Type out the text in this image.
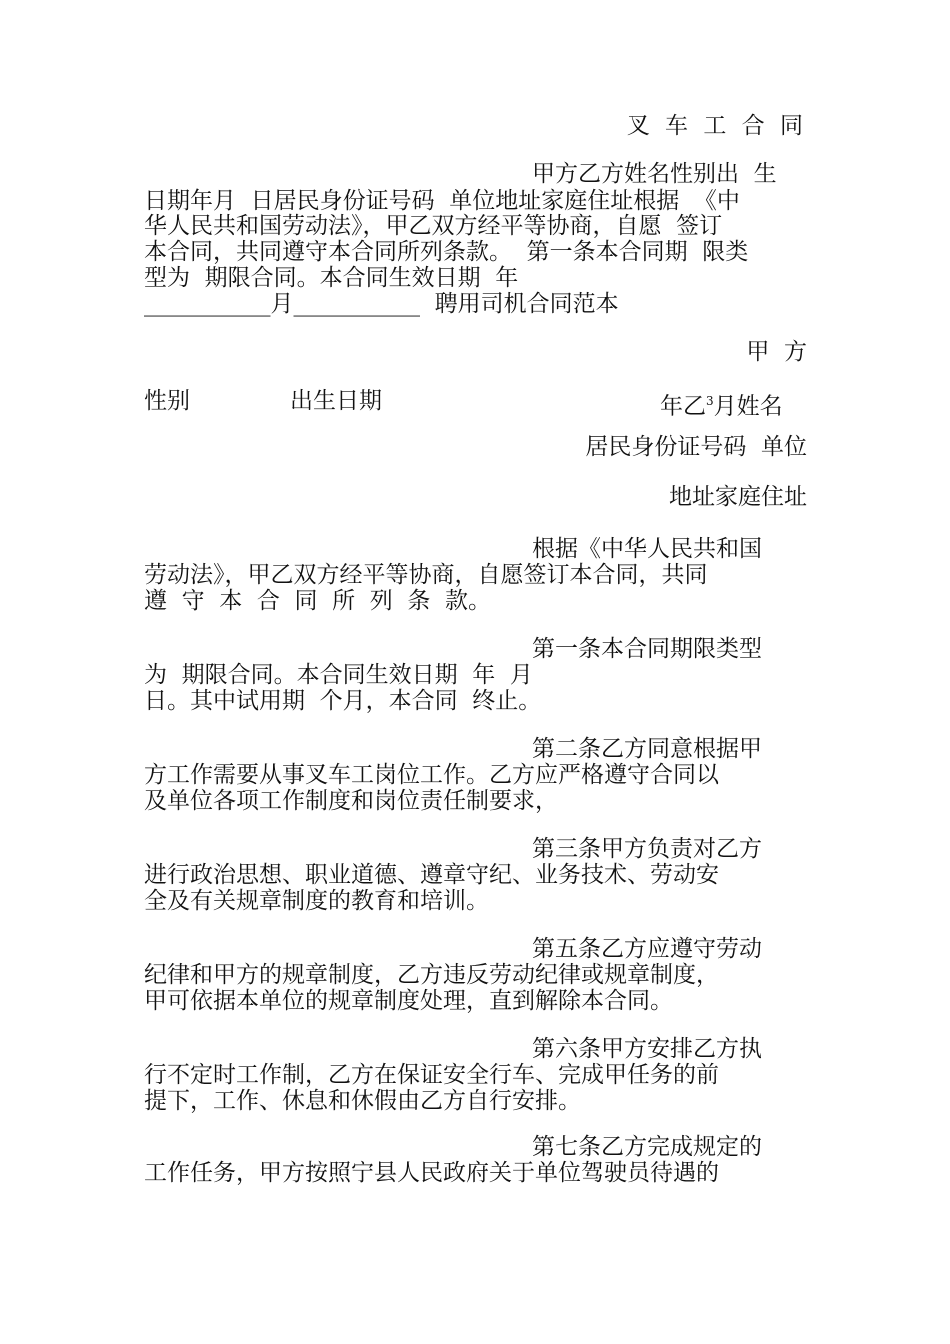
叉 车 工 合 同

甲方乙方姓名性别出  生

日期年月  日居民身份证号码  单位地址家庭住址根据  《中

华人民共和国劳动法》，甲乙双方经平等协商，自愿  签订

本合同，共同遵守本合同所列条款。  第一条本合同期  限类

型为  期限合同。本合同生效日期  年

___________月___________  聘用司机合同范本

甲  方

性别	出生日期	年乙$^3$月姓名

居民身份证号码  单位

地址家庭住址

根据《中华人民共和国

劳动法》，甲乙双方经平等协商，自愿签订本合同，共同

遵  守  本  合  同  所  列  条  款。

第一条本合同期限类型

为  期限合同。本合同生效日期  年  月

日。其中试用期  个月，本合同  终止。

第二条乙方同意根据甲

方工作需要从事叉车工岗位工作。乙方应严格遵守合同以

及单位各项工作制度和岗位责任制要求，

第三条甲方负责对乙方

进行政治思想、职业道德、遵章守纪、业务技术、劳动安

全及有关规章制度的教育和培训。

第五条乙方应遵守劳动

纪律和甲方的规章制度，乙方违反劳动纪律或规章制度，

甲可依据本单位的规章制度处理，直到解除本合同。

第六条甲方安排乙方执

行不定时工作制，乙方在保证安全行车、完成甲任务的前

提下，工作、休息和休假由乙方自行安排。

第七条乙方完成规定的

工作任务，甲方按照宁县人民政府关于单位驾驶员待遇的
